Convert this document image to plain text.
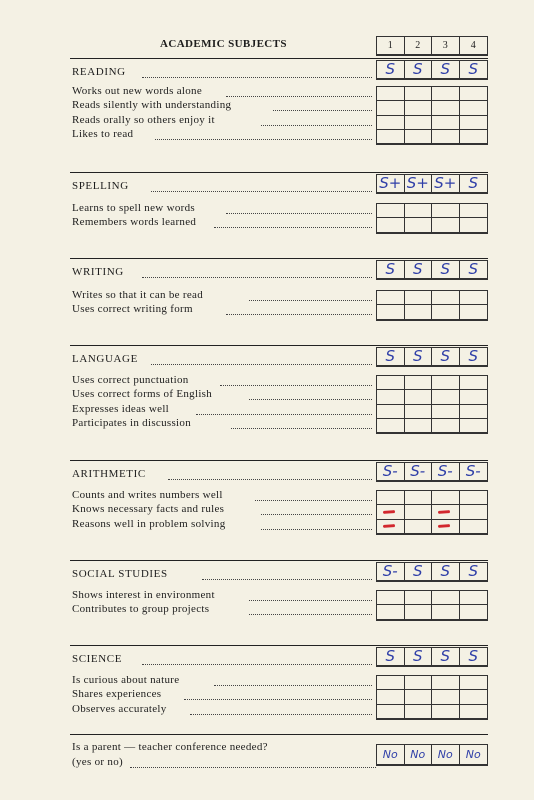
ACADEMIC SUBJECTS	1	2	3	4
READING	S	S	S	S
Works out new words alone
Reads silently with understanding
Reads orally so others enjoy it
Likes to read
SPELLING	S+ S+ S+ S
Learns to spell new words
Remembers words learned
WRITING	S	S	S	S
Writes so that it can be read
Uses correct writing form
LANGUAGE	S	S	S	S
Uses correct punctuation
Uses correct forms of English
Expresses ideas well
Participates in discussion
ARITHMETIC	S- S- S- S-
Counts and writes numbers well
Knows necessary facts and rules
Reasons well in problem solving
SOCIAL STUDIES	S-	S	S	S
Shows interest in environment
Contributes to group projects
SCIENCE	S	S	S	S
Is curious about nature
Shares experiences
Observes accurately
Is a parent — teacher conference needed?
(yes or no)
No	No	No	No
